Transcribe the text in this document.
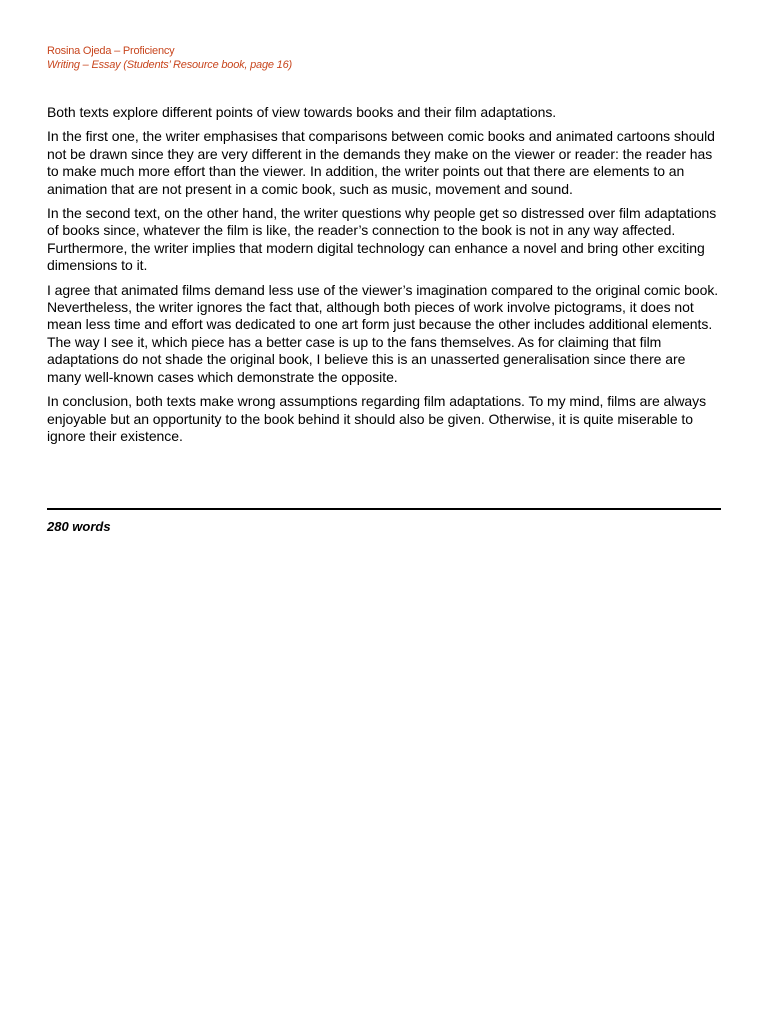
Rosina Ojeda – Proficiency
Writing – Essay (Students’ Resource book, page 16)

Both texts explore different points of view towards books and their film adaptations.

In the first one, the writer emphasises that comparisons between comic books and animated cartoons should not be drawn since they are very different in the demands they make on the viewer or reader: the reader has to make much more effort than the viewer. In addition, the writer points out that there are elements to an animation that are not present in a comic book, such as music, movement and sound.

In the second text, on the other hand, the writer questions why people get so distressed over film adaptations of books since, whatever the film is like, the reader’s connection to the book is not in any way affected. Furthermore, the writer implies that modern digital technology can enhance a novel and bring other exciting dimensions to it.

I agree that animated films demand less use of the viewer’s imagination compared to the original comic book. Nevertheless, the writer ignores the fact that, although both pieces of work involve pictograms, it does not mean less time and effort was dedicated to one art form just because the other includes additional elements. The way I see it, which piece has a better case is up to the fans themselves. As for claiming that film adaptations do not shade the original book, I believe this is an unasserted generalisation since there are many well-known cases which demonstrate the opposite.

In conclusion, both texts make wrong assumptions regarding film adaptations. To my mind, films are always enjoyable but an opportunity to the book behind it should also be given. Otherwise, it is quite miserable to ignore their existence.

280 words
